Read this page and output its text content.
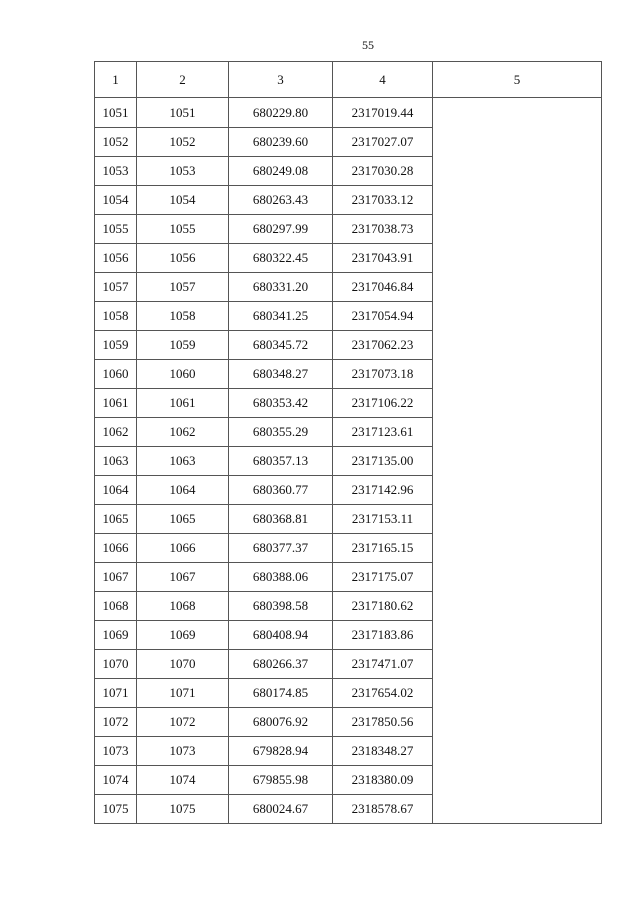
55
1	2	3	4	5
1051	1051	680229.80	2317019.44	
1052	1052	680239.60	2317027.07	
1053	1053	680249.08	2317030.28	
1054	1054	680263.43	2317033.12	
1055	1055	680297.99	2317038.73	
1056	1056	680322.45	2317043.91	
1057	1057	680331.20	2317046.84	
1058	1058	680341.25	2317054.94	
1059	1059	680345.72	2317062.23	
1060	1060	680348.27	2317073.18	
1061	1061	680353.42	2317106.22	
1062	1062	680355.29	2317123.61	
1063	1063	680357.13	2317135.00	
1064	1064	680360.77	2317142.96	
1065	1065	680368.81	2317153.11	
1066	1066	680377.37	2317165.15	
1067	1067	680388.06	2317175.07	
1068	1068	680398.58	2317180.62	
1069	1069	680408.94	2317183.86	
1070	1070	680266.37	2317471.07	
1071	1071	680174.85	2317654.02	
1072	1072	680076.92	2317850.56	
1073	1073	679828.94	2318348.27	
1074	1074	679855.98	2318380.09	
1075	1075	680024.67	2318578.67	
